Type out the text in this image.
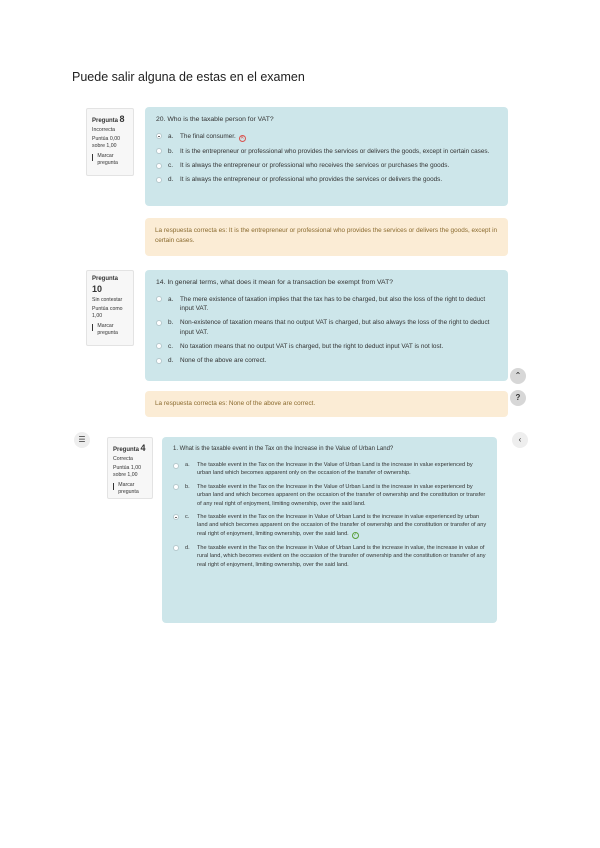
Puede salir alguna de estas en el examen
Pregunta 8
Incorrecta
Puntúa 0,00 sobre 1,00
Marcar pregunta
20. Who is the taxable person for VAT?
a.	The final consumer. ✕
b.	It is the entrepreneur or professional who provides the services or delivers the goods, except in certain cases.
c.	It is always the entrepreneur or professional who receives the services or purchases the goods.
d.	It is always the entrepreneur or professional who provides the services or delivers the goods.
La respuesta correcta es: It is the entrepreneur or professional who provides the services or delivers the goods, except in certain cases.
Pregunta 10
Sin contestar
Puntúa como 1,00
Marcar pregunta
14. In general terms, what does it mean for a transaction be exempt from VAT?
a.	The mere existence of taxation implies that the tax has to be charged, but also the loss of the right to deduct input VAT.
b.	Non-existence of taxation means that no output VAT is charged, but also always the loss of the right to deduct input VAT.
c.	No taxation means that no output VAT is charged, but the right to deduct input VAT is not lost.
d.	None of the above are correct.
La respuesta correcta es: None of the above are correct.
⌃
?
☰	‹
Pregunta 4
Correcta
Puntúa 1,00 sobre 1,00
Marcar pregunta
1. What is the taxable event in the Tax on the Increase in the Value of Urban Land?
a.	The taxable event in the Tax on the Increase in the Value of Urban Land is the increase in value experienced by urban land which becomes apparent only on the occasion of the transfer of ownership.
b.	The taxable event in the Tax on the Increase in the Value of Urban Land is the increase in value experienced by urban land and which becomes apparent on the occasion of the transfer of ownership and the constitution or transfer of any real right of enjoyment, limiting ownership, over the said land.
c.	The taxable event in the Tax on the Increase in Value of Urban Land is the increase in value experienced by urban land and which becomes apparent on the occasion of the transfer of ownership and the constitution or transfer of any real right of enjoyment, limiting ownership, over the said land. ✓
d.	The taxable event in the Tax on the Increase in Value of Urban Land is the increase in value, the increase in value of rural land, which becomes evident on the occasion of the transfer of ownership and the constitution or transfer of any real right of enjoyment, limiting ownership, over the said land.
